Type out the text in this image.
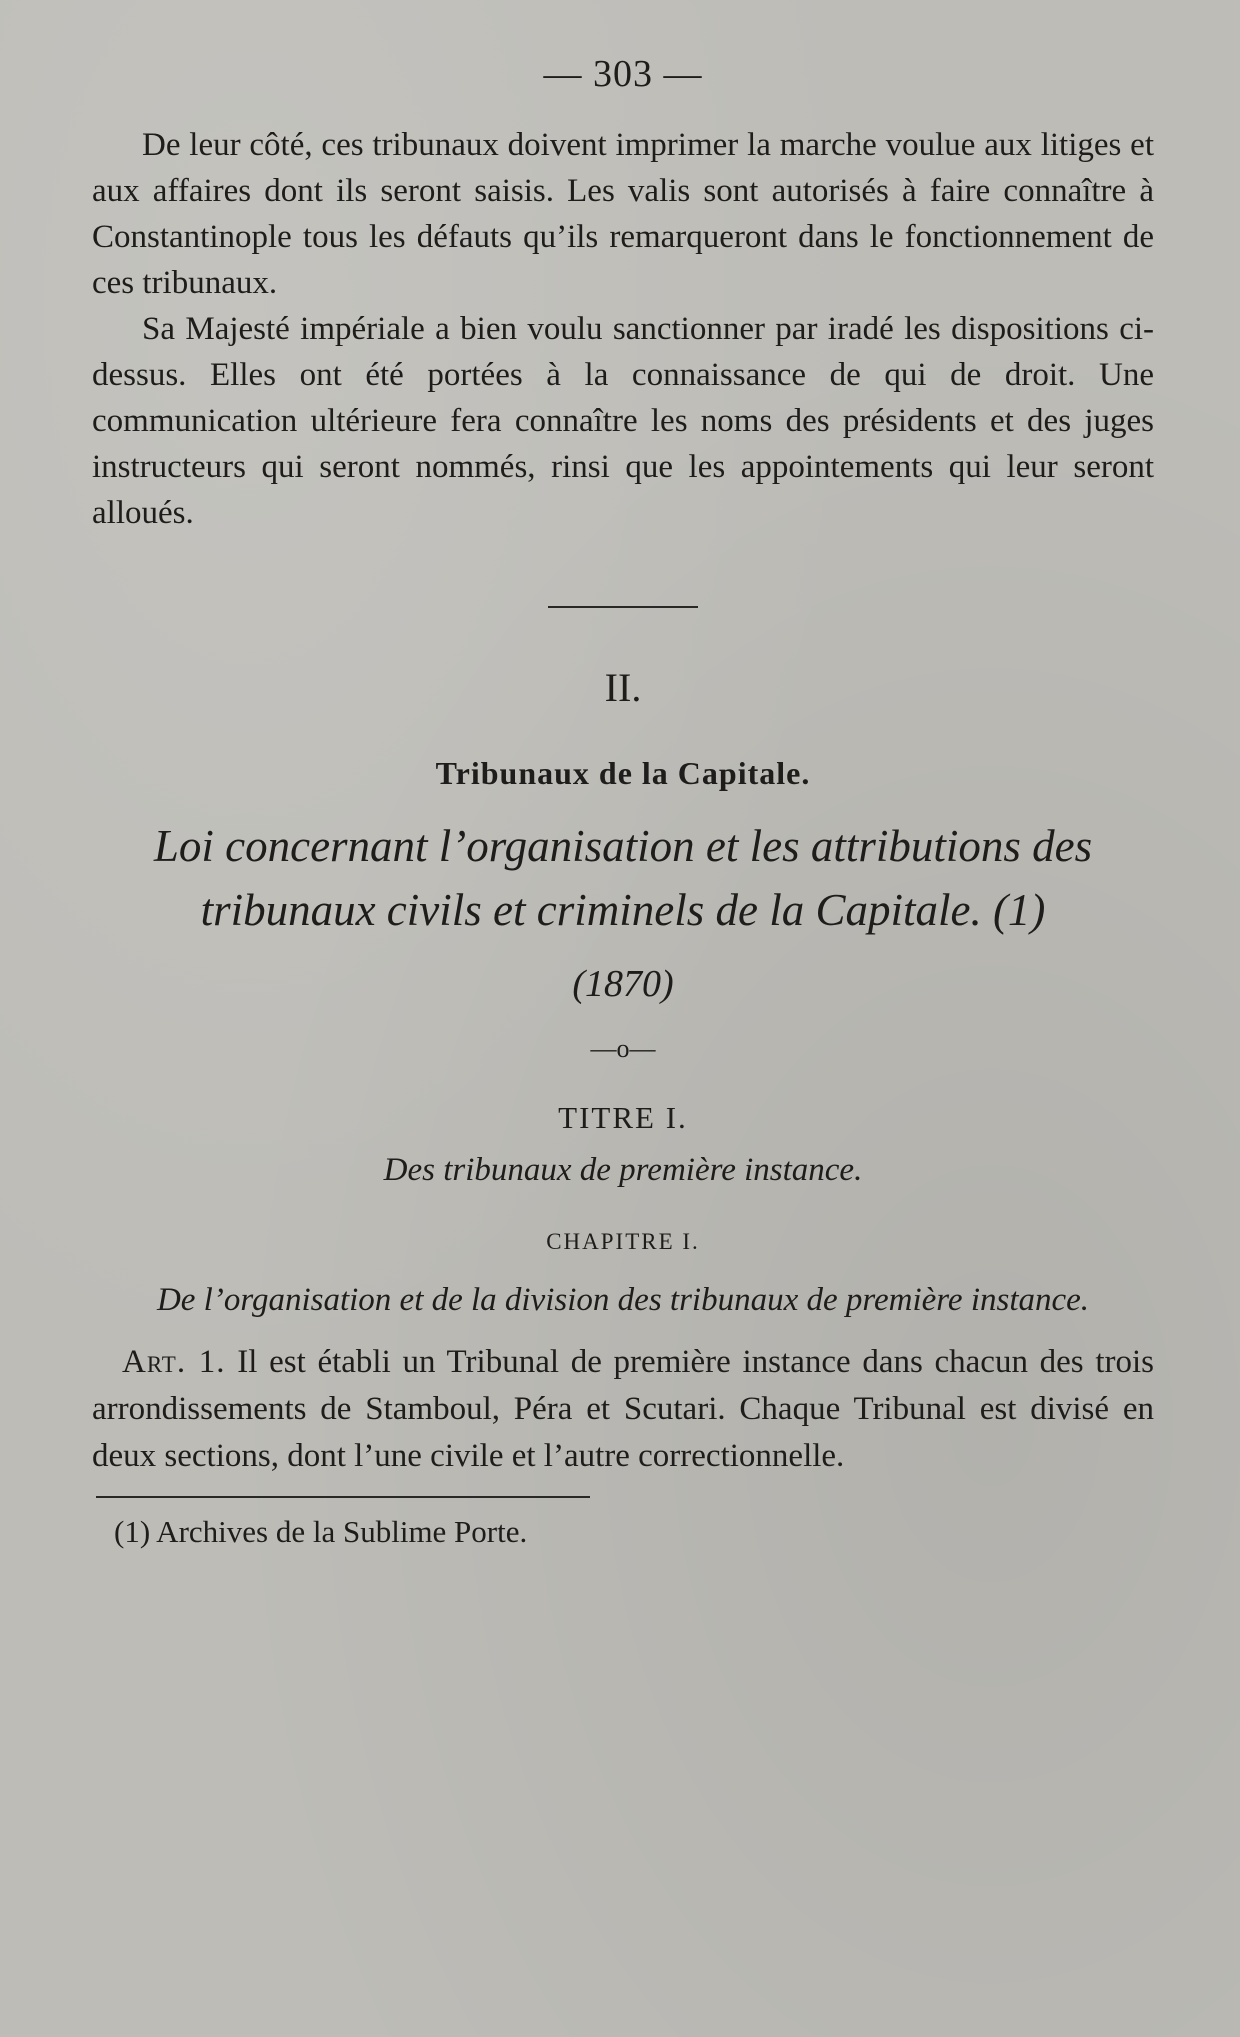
— 303 —

De leur côté, ces tribunaux doivent imprimer la marche voulue aux litiges et aux affaires dont ils seront saisis. Les valis sont autorisés à faire connaître à Constantinople tous les défauts qu’ils remarqueront dans le fonctionnement de ces tribunaux.

Sa Majesté impériale a bien voulu sanctionner par iradé les dispositions ci-dessus. Elles ont été portées à la connaissance de qui de droit. Une communication ultérieure fera connaître les noms des présidents et des juges instructeurs qui seront nommés, rinsi que les appointements qui leur seront alloués.

II.
Tribunaux de la Capitale.
Loi concernant l’organisation et les attributions des tribunaux civils et criminels de la Capitale. (1)
(1870)
—o—
TITRE I.
Des tribunaux de première instance.
CHAPITRE I.
De l’organisation et de la division des tribunaux de première instance.

Art. 1. Il est établi un Tribunal de première instance dans chacun des trois arrondissements de Stamboul, Péra et Scutari. Chaque Tribunal est divisé en deux sections, dont l’une civile et l’autre correctionnelle.

(1) Archives de la Sublime Porte.
